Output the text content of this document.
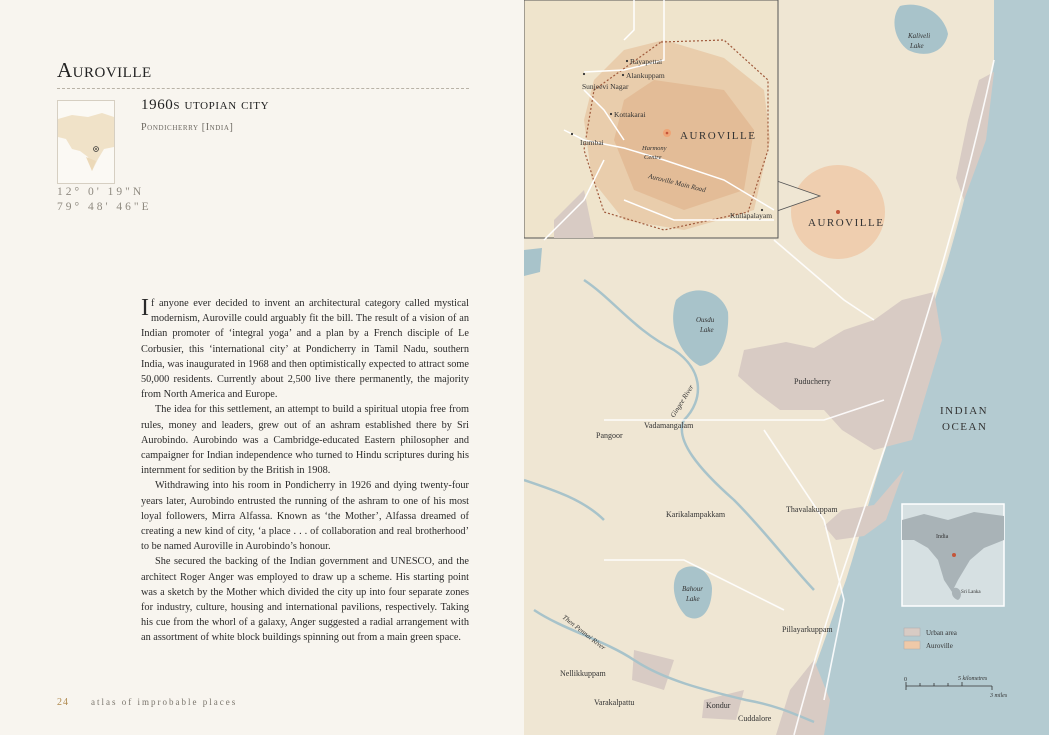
Auroville
12° 0' 19"N
79° 48' 46"E
1960s utopian city
Pondicherry [India]

If anyone ever decided to invent an architectural category called mystical modernism, Auroville could arguably fit the bill. The result of a vision of an Indian promoter of ‘integral yoga’ and a plan by a French disciple of Le Corbusier, this ‘international city’ at Pondicherry in Tamil Nadu, southern India, was inaugurated in 1968 and then optimistically expected to attract some 50,000 residents. Currently about 2,500 live there permanently, the majority from North America and Europe.

The idea for this settlement, an attempt to build a spiritual utopia free from rules, money and leaders, grew out of an ashram established there by Sri Aurobindo. Aurobindo was a Cambridge-educated Eastern philosopher and campaigner for Indian independence who turned to Hindu scriptures during his internment for sedition by the British in 1908.

Withdrawing into his room in Pondicherry in 1926 and dying twenty-four years later, Aurobindo entrusted the running of the ashram to one of his most loyal followers, Mirra Alfassa. Known as ‘the Mother’, Alfassa dreamed of creating a new kind of city, ‘a place . . . of collaboration and real brotherhood’ to be named Auroville in Aurobindo’s honour.

She secured the backing of the Indian government and UNESCO, and the architect Roger Anger was employed to draw up a scheme. His starting point was a sketch by the Mother which divided the city up into four separate zones for industry, culture, housing and international pavilions, respectively. Taking his cue from the whorl of a galaxy, Anger suggested a radial arrangement with an assortment of white block buildings spinning out from a main green space.

24 atlas of improbable places
Kaliveli
Lake
AUROVILLE
INDIAN
OCEAN
Ousdu
Lake
Gingee River
Puducherry
Vadamangalam
Pangoor
Karikalampakkam
Thavalakuppam
Bahour
Lake
Then Pennai River	Pillayarkuppam
Nellikkuppam
Varakalpattu	Kondur
Cuddalore
AUROVILLE
Rayapettai
Alankuppam
Sunjeevi Nagar
Kottakarai
Irumbai
Harmony
Centre
Auroville Main Road
Kuilapalayam
India
Sri Lanka
Urban area
Auroville
0	5 kilometres
3 miles
